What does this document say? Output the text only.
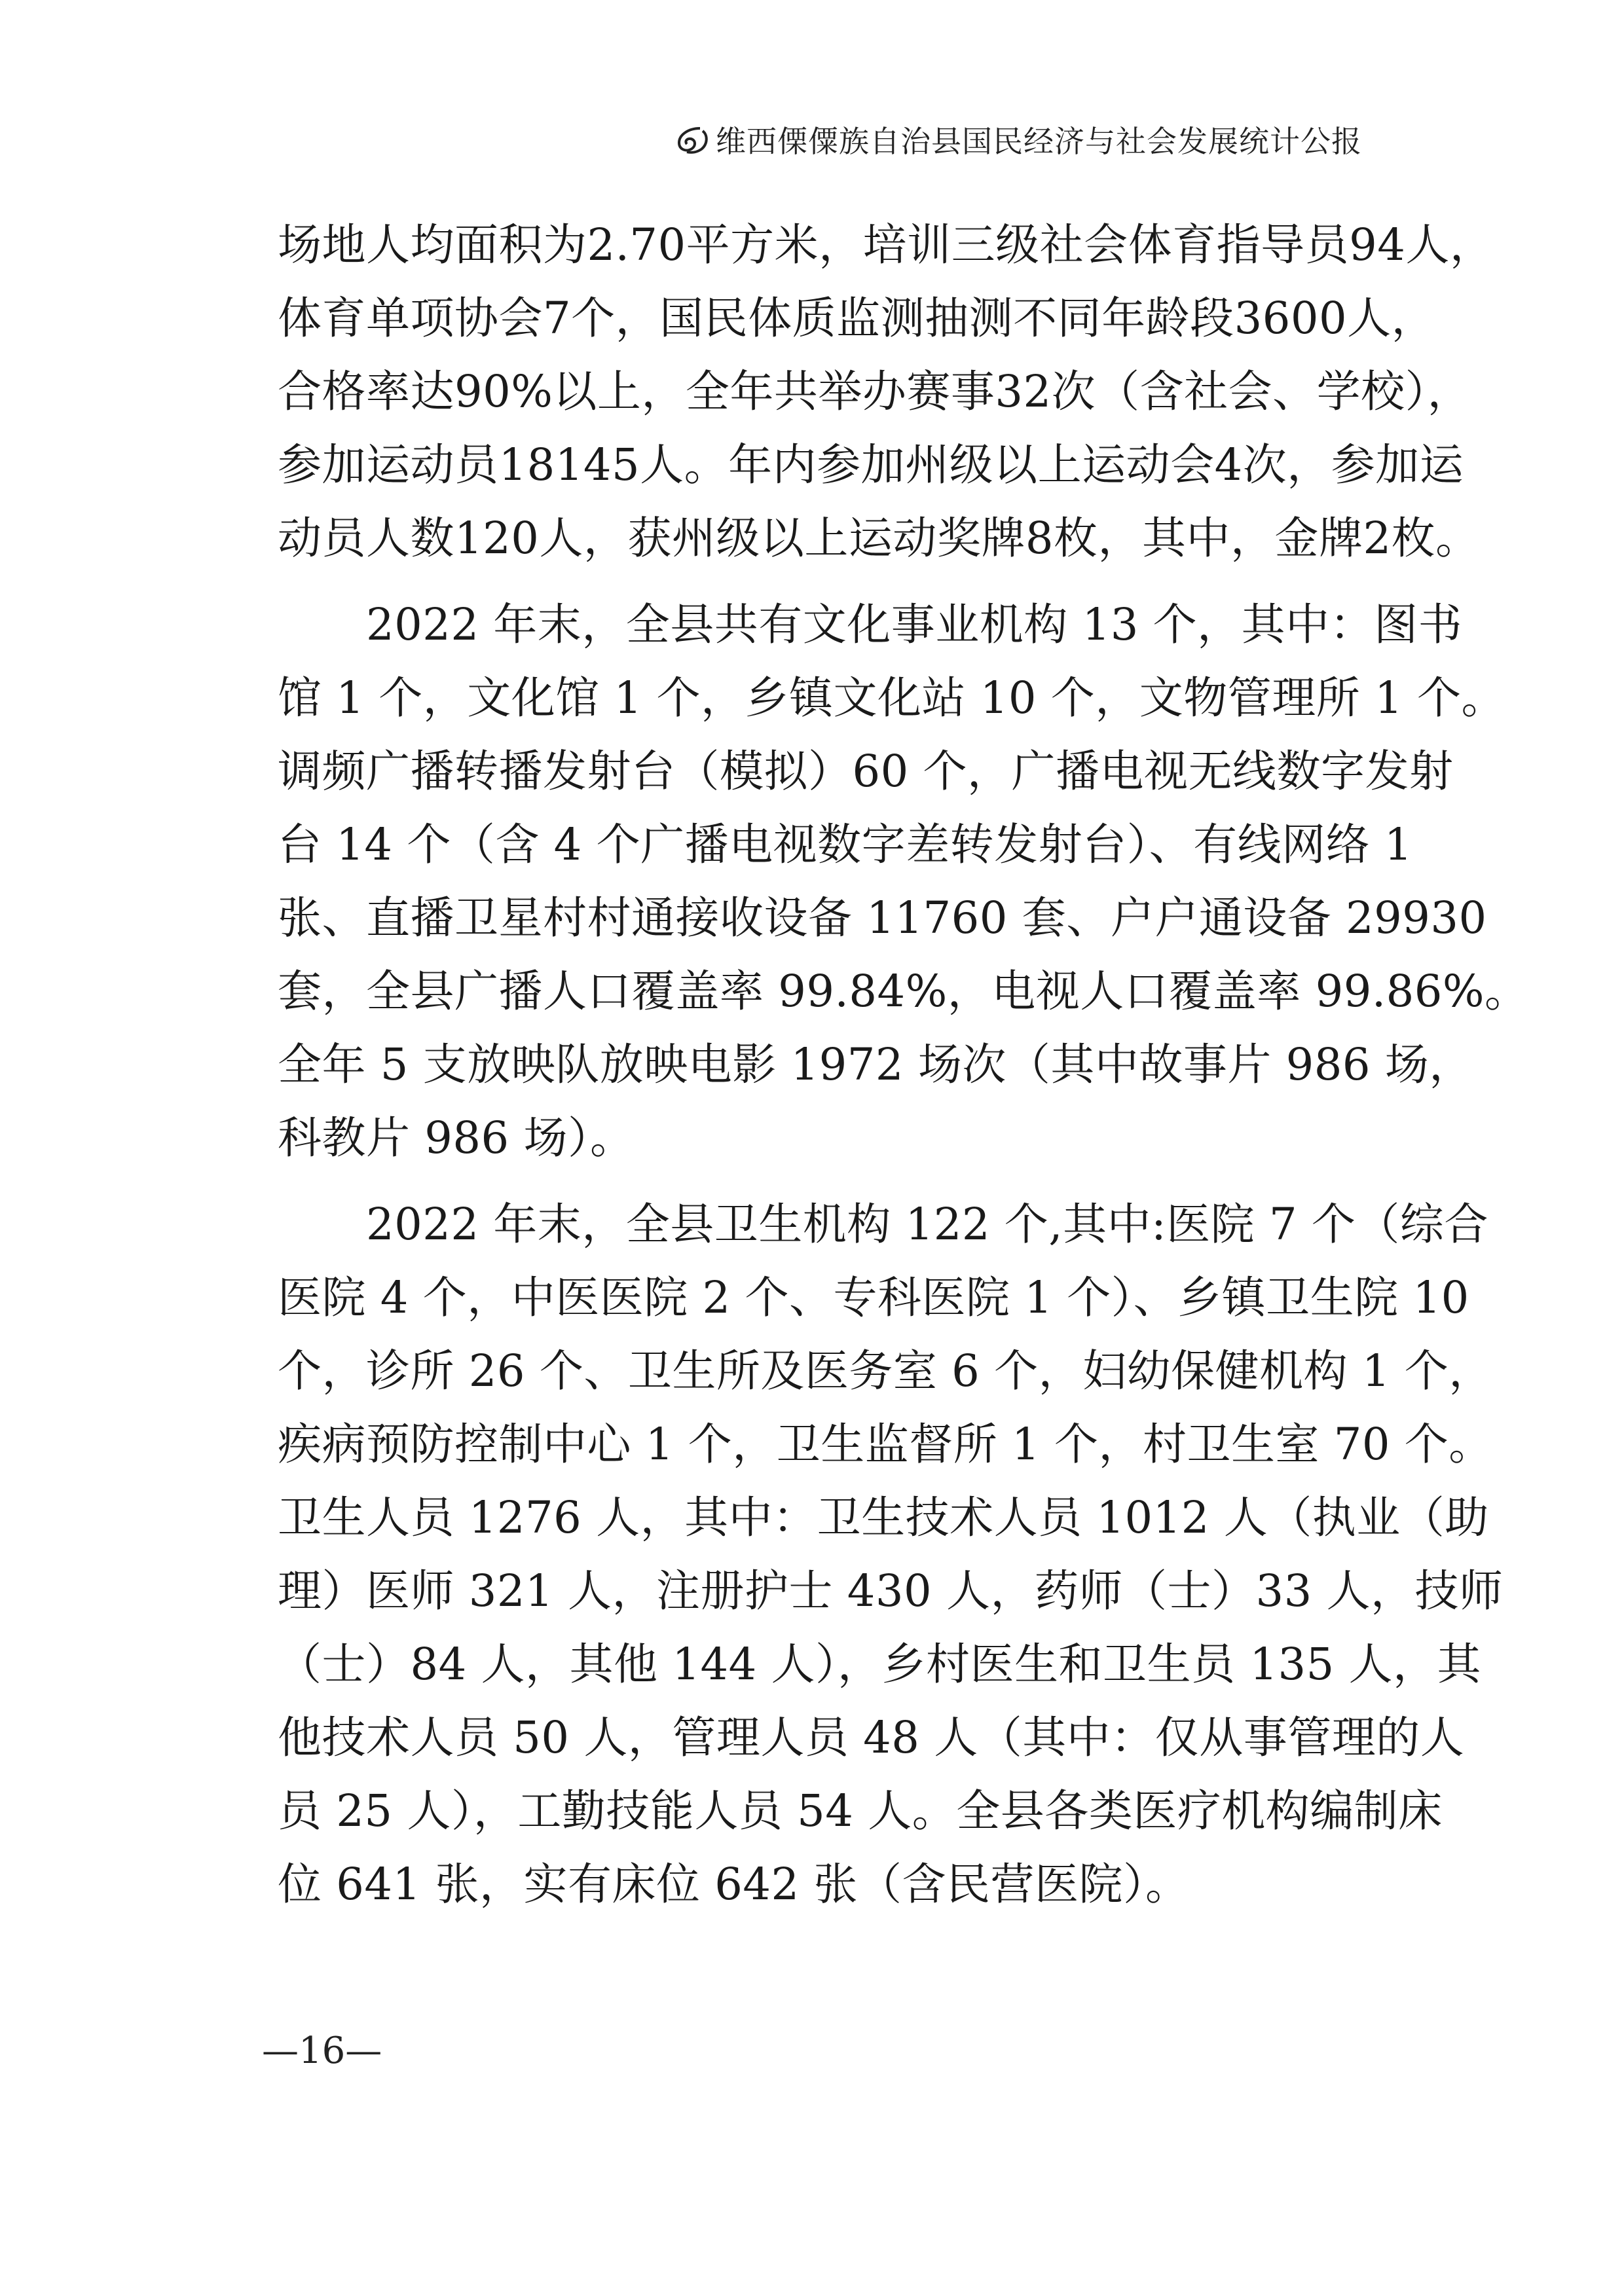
维西傈僳族自治县国民经济与社会发展统计公报
场地人均面积为2.70平方米，培训三级社会体育指导员94人，
体育单项协会7个，国民体质监测抽测不同年龄段3600人，
合格率达90%以上，全年共举办赛事32次（含社会、学校），
参加运动员18145人。年内参加州级以上运动会4次，参加运
动员人数120人，获州级以上运动奖牌8枚，其中，金牌2枚。
　　2022 年末，全县共有文化事业机构 13 个，其中：图书
馆 1 个，文化馆 1 个，乡镇文化站 10 个，文物管理所 1 个。
调频广播转播发射台（模拟）60 个，广播电视无线数字发射
台 14 个（含 4 个广播电视数字差转发射台）、有线网络 1
张、直播卫星村村通接收设备 11760 套、户户通设备 29930
套，全县广播人口覆盖率 99.84%，电视人口覆盖率 99.86%。
全年 5 支放映队放映电影 1972 场次（其中故事片 986 场，
科教片 986 场）。
　　2022 年末，全县卫生机构 122 个,其中:医院 7 个（综合
医院 4 个，中医医院 2 个、专科医院 1 个）、乡镇卫生院 10
个，诊所 26 个、卫生所及医务室 6 个，妇幼保健机构 1 个，
疾病预防控制中心 1 个，卫生监督所 1 个，村卫生室 70 个。
卫生人员 1276 人，其中：卫生技术人员 1012 人（执业（助
理）医师 321 人，注册护士 430 人，药师（士）33 人，技师
（士）84 人，其他 144 人），乡村医生和卫生员 135 人，其
他技术人员 50 人，管理人员 48 人（其中：仅从事管理的人
员 25 人），工勤技能人员 54 人。全县各类医疗机构编制床
位 641 张，实有床位 642 张（含民营医院）。
—16—
